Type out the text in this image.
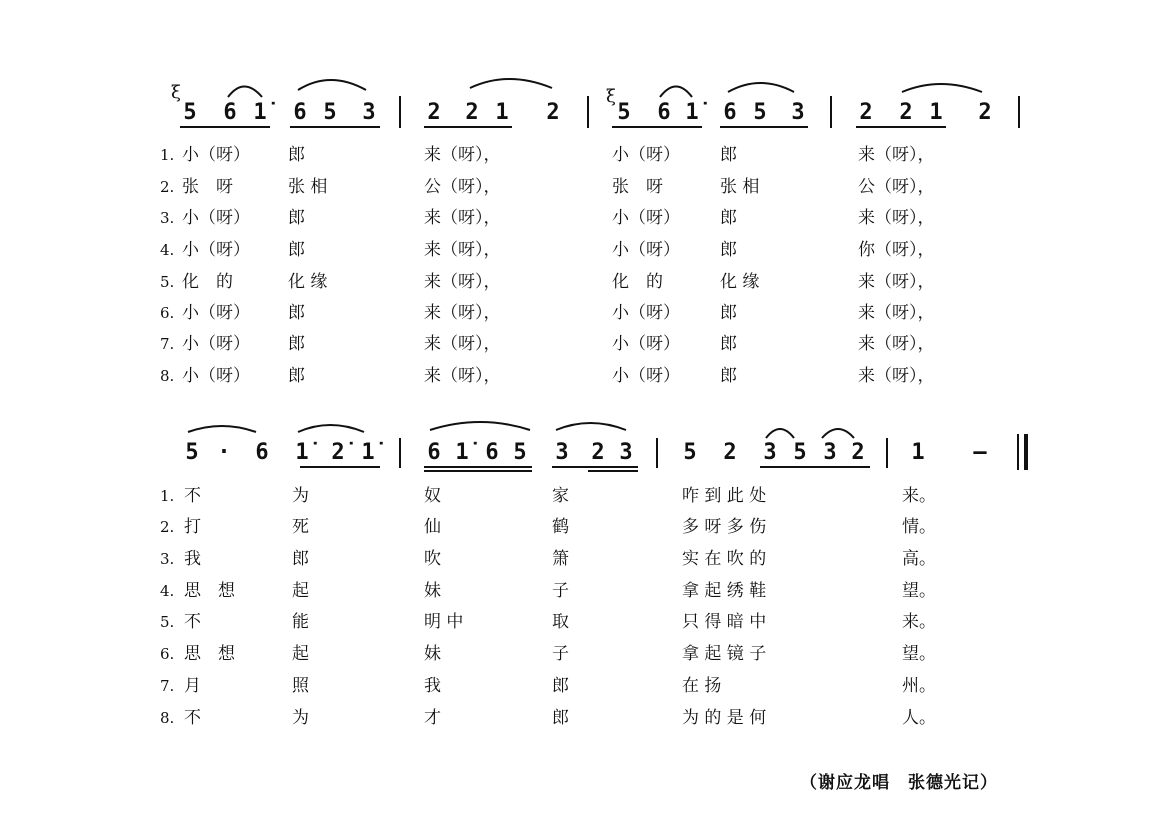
ξ	ξ
5 6 1̇ 6 5 3 2 2 1 2	5 6 1̇ 6 5 3 2 2 1 2
5 · 6 1̇ 2̇ 1̇ 6 1̇ 6 5 3 2 3 5 2 3 5 3 2 1 –
1. 小（呀） 郎	来（呀），	小（呀） 郎	来（呀），
2. 张　呀	张 相	公（呀），	张　呀	张 相	公（呀），
3. 小（呀） 郎	来（呀），	小（呀） 郎	来（呀），
4. 小（呀） 郎	来（呀），	小（呀） 郎	你（呀），
5. 化　的	化 缘	来（呀），	化　的	化 缘	来（呀），
6. 小（呀） 郎	来（呀），	小（呀） 郎	来（呀），
7. 小（呀） 郎	来（呀），	小（呀） 郎	来（呀），
8. 小（呀） 郎	来（呀），	小（呀） 郎	来（呀），
1. 不	为	奴	家	咋 到 此 处	来。
2. 打	死	仙	鹤	多 呀 多 伤	情。
3. 我	郎	吹	箫	实 在 吹 的	高。
4. 思　想	起	妹	子	拿 起 绣 鞋	望。
5. 不	能	明 中	取	只 得 暗 中	来。
6. 思　想	起	妹	子	拿 起 镜 子	望。
7. 月	照	我	郎	在 扬	州。
8. 不	为	才	郎	为 的 是 何	人。
（谢应龙唱　张德光记）
